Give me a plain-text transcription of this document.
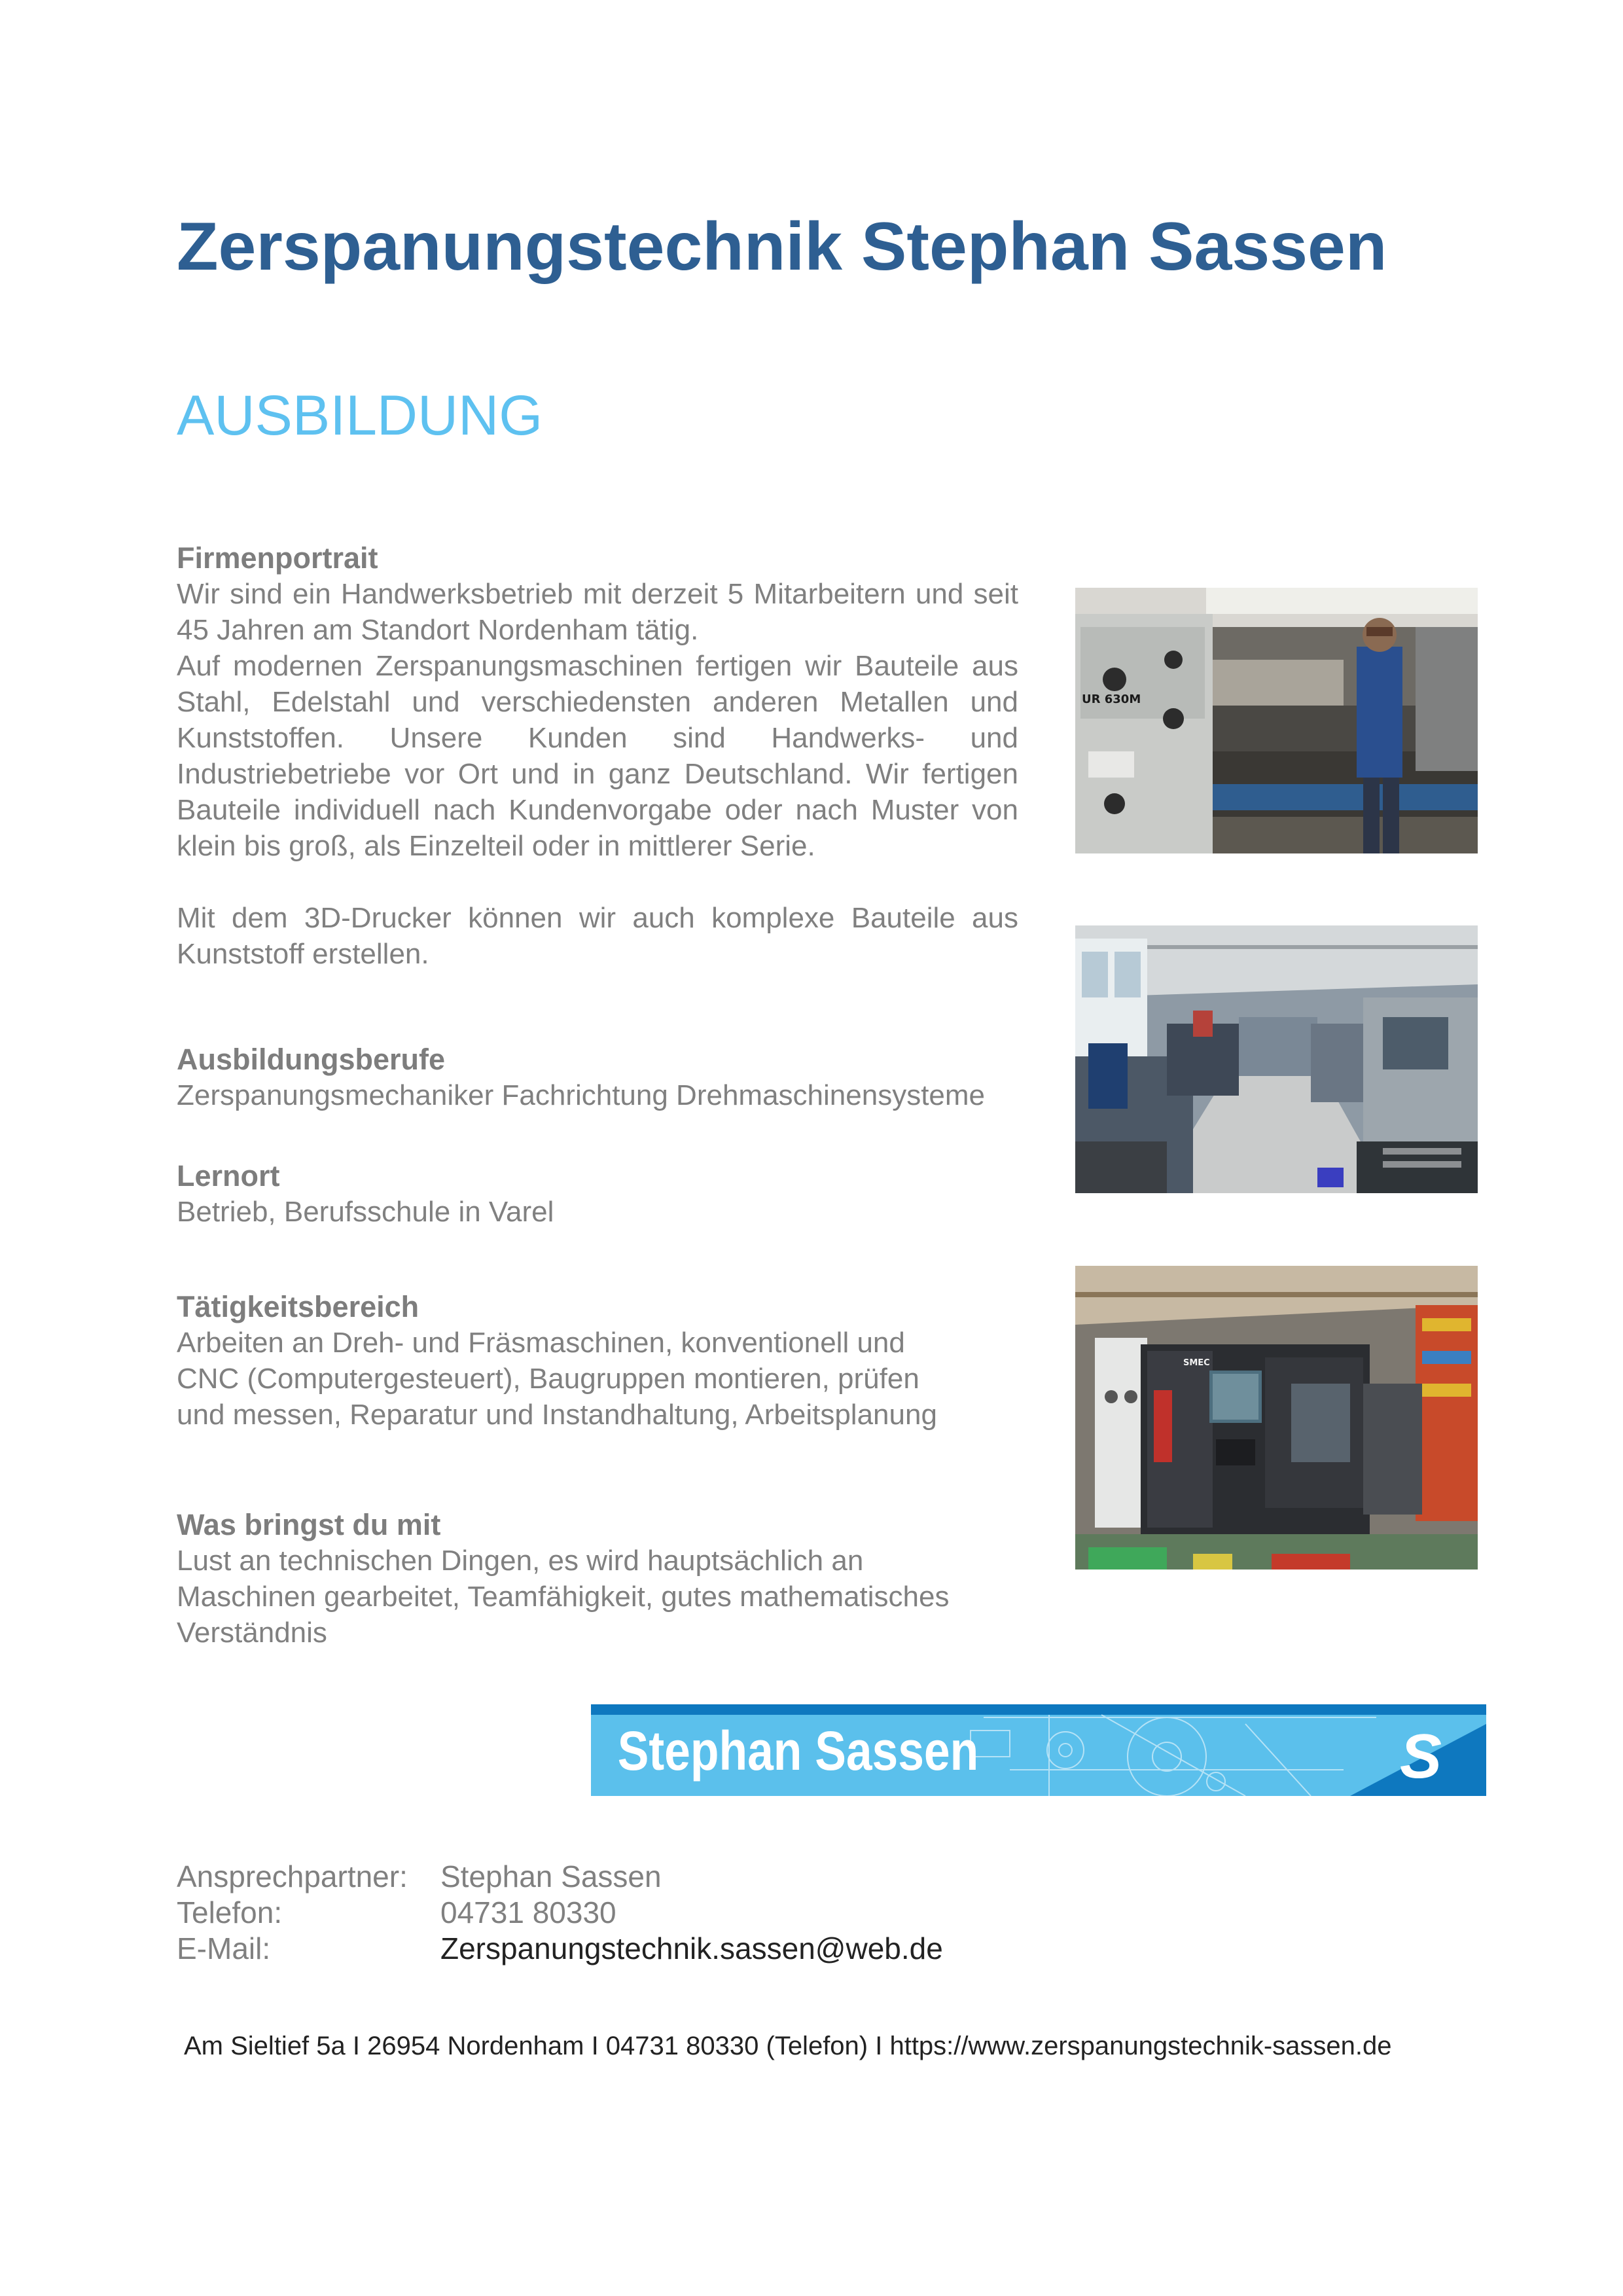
Zerspanungstechnik Stephan Sassen
AUSBILDUNG

Firmenportrait

Wir sind ein Handwerksbetrieb mit derzeit 5 Mitarbeitern und seit 45 Jahren am Standort Nordenham tätig.

Auf modernen Zerspanungsmaschinen fertigen wir Bauteile aus Stahl, Edelstahl und verschiedensten anderen Metallen und Kunststoffen. Unsere Kunden sind Handwerks- und Industriebetriebe vor Ort und in ganz Deutschland. Wir fertigen Bauteile individuell nach Kundenvorgabe oder nach Muster von klein bis groß, als Einzelteil oder in mittlerer Serie.

Mit dem 3D-Drucker können wir auch komplexe Bauteile aus Kunststoff erstellen.

Ausbildungsberufe

Zerspanungsmechaniker Fachrichtung Drehmaschinensysteme

Lernort

Betrieb, Berufsschule in Varel

Tätigkeitsbereich

Arbeiten an Dreh- und Fräsmaschinen, konventionell und

CNC (Computergesteuert), Baugruppen montieren, prüfen

und messen, Reparatur und Instandhaltung, Arbeitsplanung

Was bringst du mit

Lust an technischen Dingen, es wird hauptsächlich an

Maschinen gearbeitet, Teamfähigkeit, gutes mathematisches

Verständnis

UR 630M
SMEC
Stephan Sassen	S
Ansprechpartner: Stephan Sassen
Telefon:	04731 80330
E-Mail:	Zerspanungstechnik.sassen@web.de
Am Sieltief 5a I 26954 Nordenham I 04731 80330 (Telefon) I https://www.zerspanungstechnik-sassen.de
